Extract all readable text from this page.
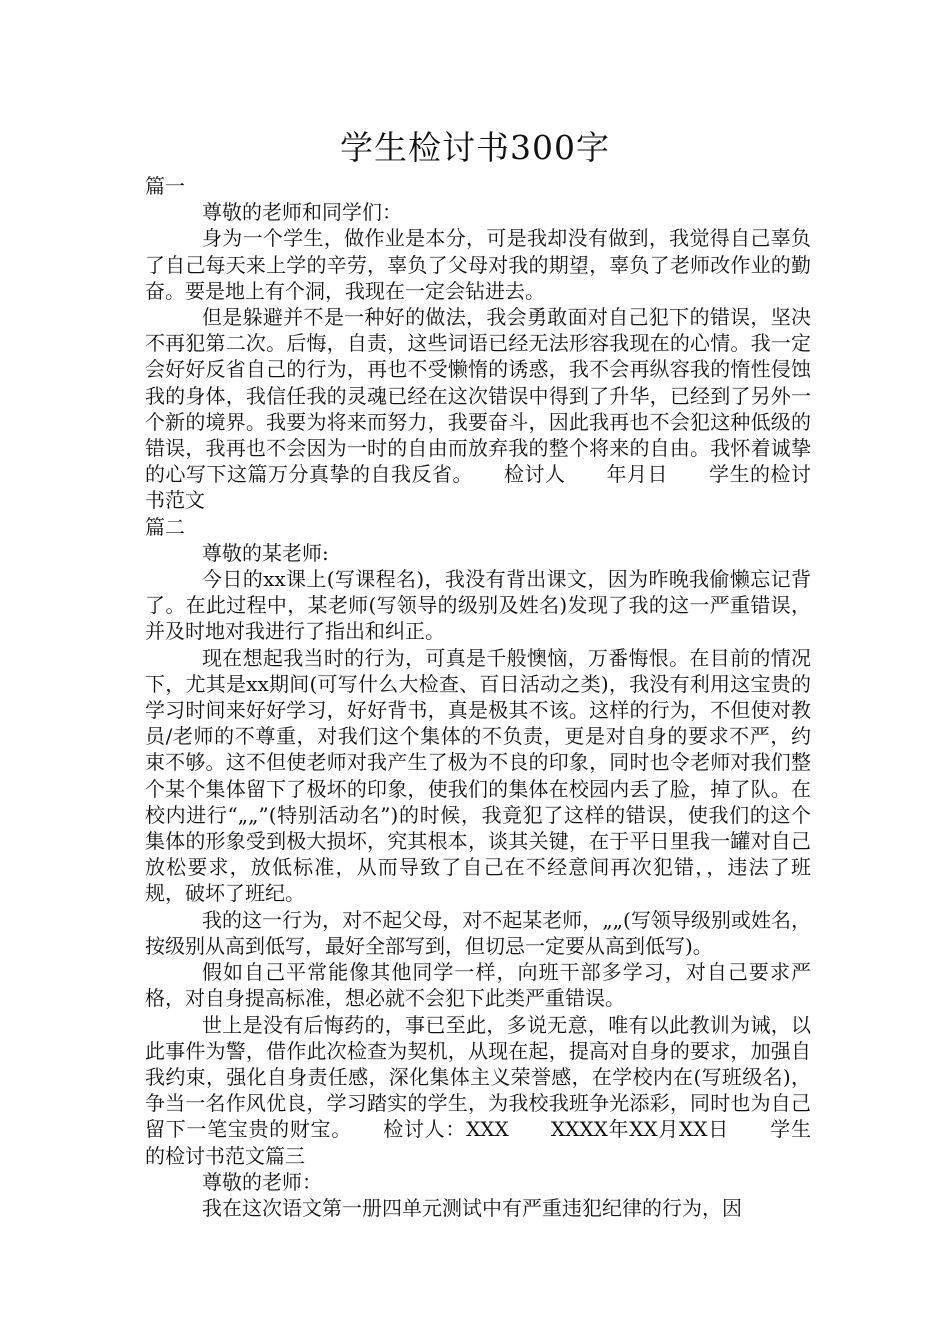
学生检讨书300字

篇一

尊敬的老师和同学们：

身为一个学生，做作业是本分，可是我却没有做到，我觉得自己辜负了自己每天来上学的辛劳，辜负了父母对我的期望，辜负了老师改作业的勤奋。要是地上有个洞，我现在一定会钻进去。

但是躲避并不是一种好的做法，我会勇敢面对自己犯下的错误，坚决不再犯第二次。后悔，自责，这些词语已经无法形容我现在的心情。我一定会好好反省自己的行为，再也不受懒惰的诱惑，我不会再纵容我的惰性侵蚀我的身体，我信任我的灵魂已经在这次错误中得到了升华，已经到了另外一个新的境界。我要为将来而努力，我要奋斗，因此我再也不会犯这种低级的错误，我再也不会因为一时的自由而放弃我的整个将来的自由。我怀着诚挚的心写下这篇万分真挚的自我反省。　　检讨人　　年月日　　学生的检讨书范文

篇二

尊敬的某老师:

今日的xx课上(写课程名)，我没有背出课文，因为昨晚我偷懒忘记背了。在此过程中，某老师(写领导的级别及姓名)发现了我的这一严重错误，并及时地对我进行了指出和纠正。

现在想起我当时的行为，可真是千般懊恼，万番悔恨。在目前的情况下，尤其是xx期间(可写什么大检查、百日活动之类)，我没有利用这宝贵的学习时间来好好学习，好好背书，真是极其不该。这样的行为，不但使对教员/老师的不尊重，对我们这个集体的不负责，更是对自身的要求不严，约束不够。这不但使老师对我产生了极为不良的印象，同时也令老师对我们整个某个集体留下了极坏的印象，使我们的集体在校园内丢了脸，掉了队。在校内进行“„„”(特别活动名”)的时候，我竟犯了这样的错误，使我们的这个集体的形象受到极大损坏，究其根本，谈其关键，在于平日里我一罐对自己放松要求，放低标准，从而导致了自己在不经意间再次犯错，，违法了班规，破坏了班纪。

我的这一行为，对不起父母，对不起某老师，„„(写领导级别或姓名，按级别从高到低写，最好全部写到，但切忌一定要从高到低写)。

假如自己平常能像其他同学一样，向班干部多学习，对自己要求严格，对自身提高标准，想必就不会犯下此类严重错误。

世上是没有后悔药的，事已至此，多说无意，唯有以此教训为诫，以此事件为警，借作此次检查为契机，从现在起，提高对自身的要求，加强自我约束，强化自身责任感，深化集体主义荣誉感，在学校内在(写班级名)，争当一名作风优良，学习踏实的学生，为我校我班争光添彩，同时也为自己留下一笔宝贵的财宝。　　检讨人：XXX　　XXXX年XX月XX日　　学生的检讨书范文篇三

尊敬的老师：

我在这次语文第一册四单元测试中有严重违犯纪律的行为，因
